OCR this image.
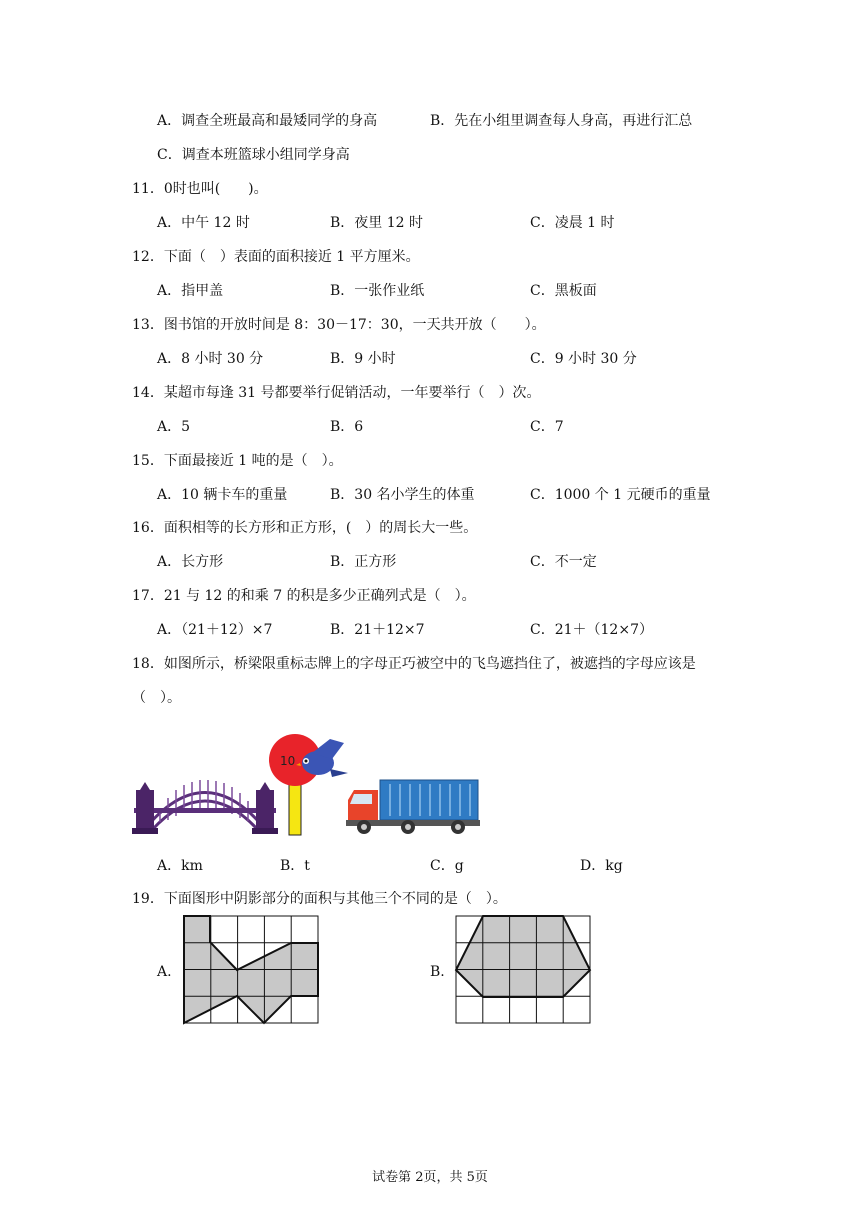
A．调查全班最高和最矮同学的身高	B．先在小组里调查每人身高，再进行汇总
C．调查本班篮球小组同学身高
11．0时也叫(　　)。
A．中午 12 时	B．夜里 12 时	C．凌晨 1 时
12．下面（　）表面的面积接近 1 平方厘米。
A．指甲盖	B．一张作业纸	C．黑板面
13．图书馆的开放时间是 8：30－17：30，一天共开放（　　）。
A．8 小时 30 分	B．9 小时	C．9 小时 30 分
14．某超市每逢 31 号都要举行促销活动，一年要举行（　）次。
A．5	B．6	C．7
15．下面最接近 1 吨的是（　）。
A．10 辆卡车的重量	B．30 名小学生的体重	C．1000 个 1 元硬币的重量
16．面积相等的长方形和正方形，(　）的周长大一些。
A．长方形	B．正方形	C．不一定
17．21 与 12 的和乘 7 的积是多少正确列式是（　）。
A．（21＋12）×7	B．21＋12×7	C．21＋（12×7）
18．如图所示，桥梁限重标志牌上的字母正巧被空中的飞鸟遮挡住了，被遮挡的字母应该是
（　）。
10
A．km	B．t	C．g	D．kg
19．下面图形中阴影部分的面积与其他三个不同的是（　）。
A.	B.
试卷第 2页，共 5页
